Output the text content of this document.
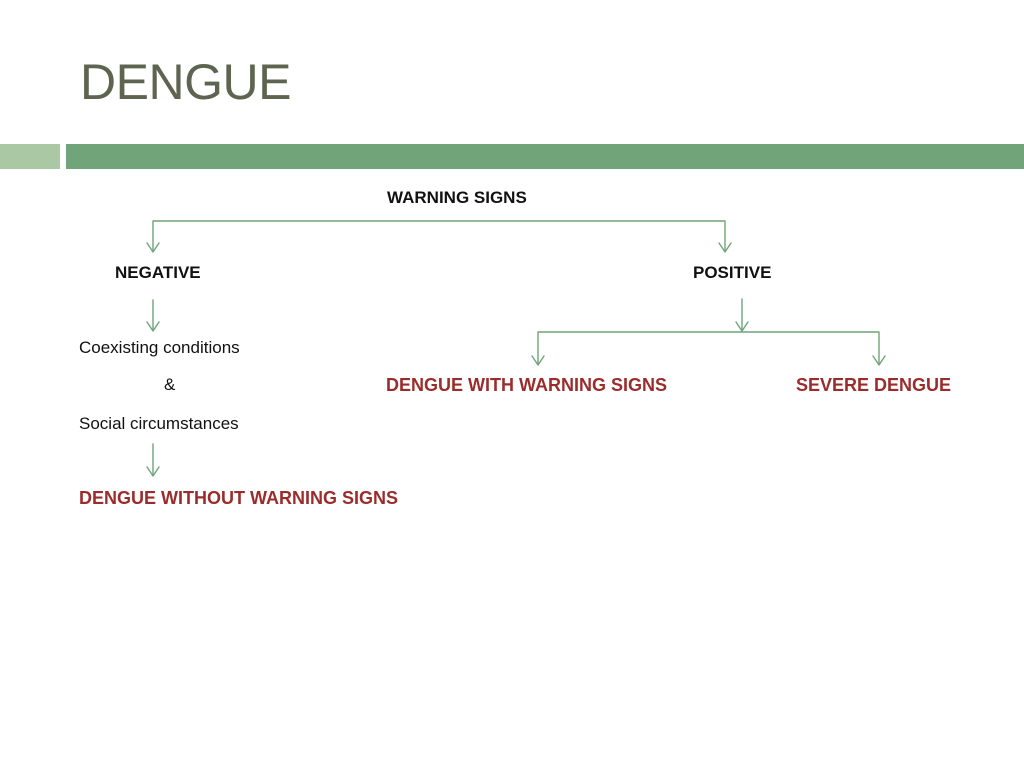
DENGUE
WARNING SIGNS
NEGATIVE	POSITIVE
Coexisting conditions
&
Social circumstances
DENGUE WITH WARNING SIGNS	SEVERE DENGUE
DENGUE WITHOUT WARNING SIGNS
